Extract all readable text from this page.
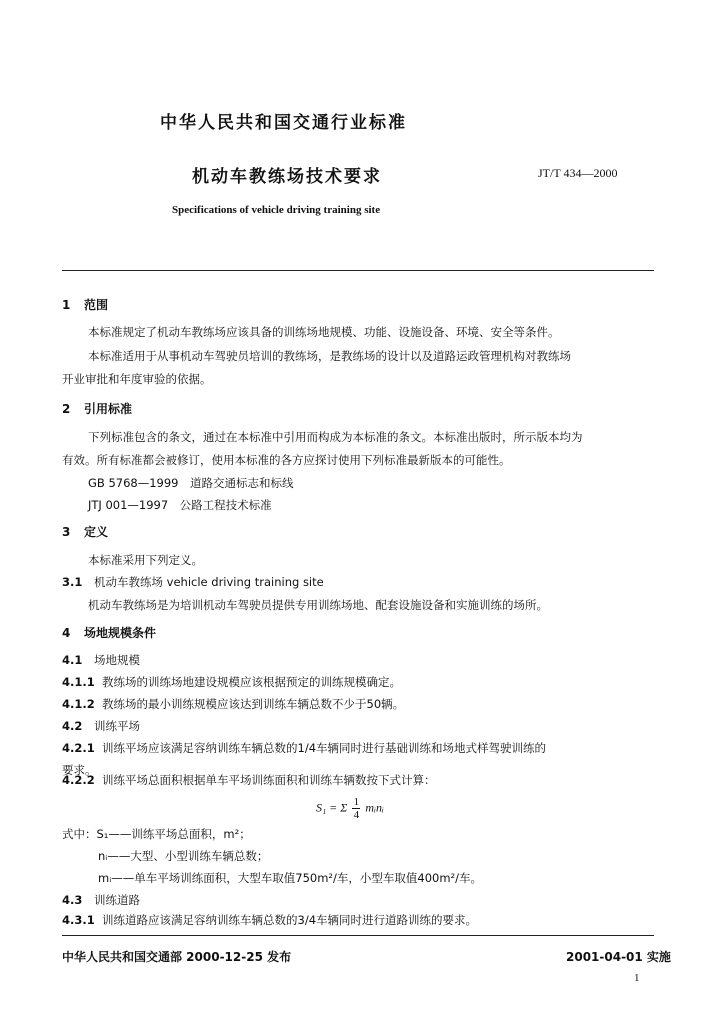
中华人民共和国交通行业标准
机动车教练场技术要求	JT/T 434—2000
Specifications of vehicle driving training site
1 范围
本标准规定了机动车教练场应该具备的训练场地规模、功能、设施设备、环境、安全等条件。
本标准适用于从事机动车驾驶员培训的教练场，是教练场的设计以及道路运政管理机构对教练场
开业审批和年度审验的依据。
2 引用标准
下列标准包含的条文，通过在本标准中引用而构成为本标准的条文。本标准出版时，所示版本均为
有效。所有标准都会被修订，使用本标准的各方应探讨使用下列标准最新版本的可能性。
GB 5768—1999　道路交通标志和标线
JTJ 001—1997　公路工程技术标准
3 定义
本标准采用下列定义。
3.1 机动车教练场 vehicle driving training site
机动车教练场是为培训机动车驾驶员提供专用训练场地、配套设施设备和实施训练的场所。
4 场地规模条件
4.1 场地规模
4.1.1 教练场的训练场地建设规模应该根据预定的训练规模确定。
4.1.2 教练场的最小训练规模应该达到训练车辆总数不少于50辆。
4.2 训练平场
4.2.1 训练平场应该满足容纳训练车辆总数的1/4车辆同时进行基础训练和场地式样驾驶训练的
要求。
4.2.2 训练平场总面积根据单车平场训练面积和训练车辆数按下式计算：
S₁ = Σ $\frac{1}{4}$ mᵢnᵢ
式中：S₁——训练平场总面积，m²；
nᵢ——大型、小型训练车辆总数；
mᵢ——单车平场训练面积，大型车取值750m²/车，小型车取值400m²/车。
4.3 训练道路
4.3.1 训练道路应该满足容纳训练车辆总数的3/4车辆同时进行道路训练的要求。
中华人民共和国交通部 2000-12-25 发布	2001-04-01 实施
1
